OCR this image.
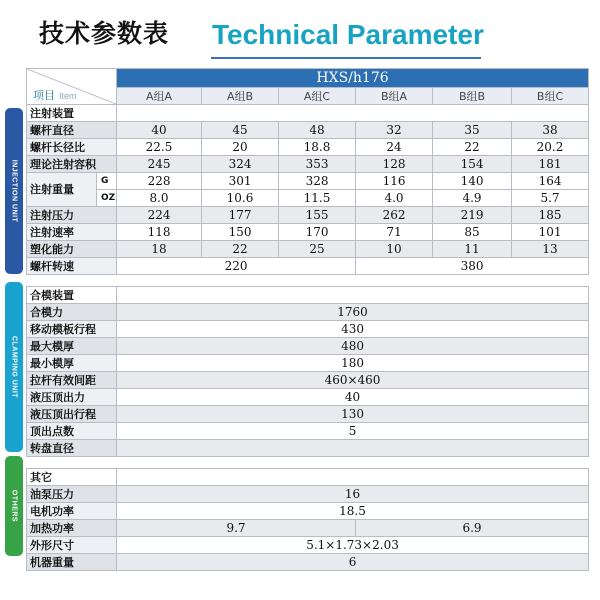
技术参数表 Technical Parameter
INJECTION UNIT
CLAMPING UNIT
OTHERS
项目 Item		HXS/h176					
		A组A	A组B	A组C	B组A	B组B	B组C
注射装置							
螺杆直径		40	45	48	32	35	38
螺杆长径比		22.5	20	18.8	24	22	20.2
理论注射容积		245	324	353	128	154	181
注射重量	G	228	301	328	116	140	164
	OZ	8.0	10.6	11.5	4.0	4.9	5.7
注射压力		224	177	155	262	219	185
注射速率		118	150	170	71	85	101
塑化能力		18	22	25	10	11	13
螺杆转速		220			380		

合模装置							
合模力		1760					
移动模板行程		430					
最大模厚		480					
最小模厚		180					
拉杆有效间距		460×460					
液压顶出力		40					
液压顶出行程		130					
顶出点数		5					
转盘直径							

其它							
油泵压力		16					
电机功率		18.5					
加热功率		9.7			6.9		
外形尺寸		5.1×1.73×2.03					
机器重量		6					
